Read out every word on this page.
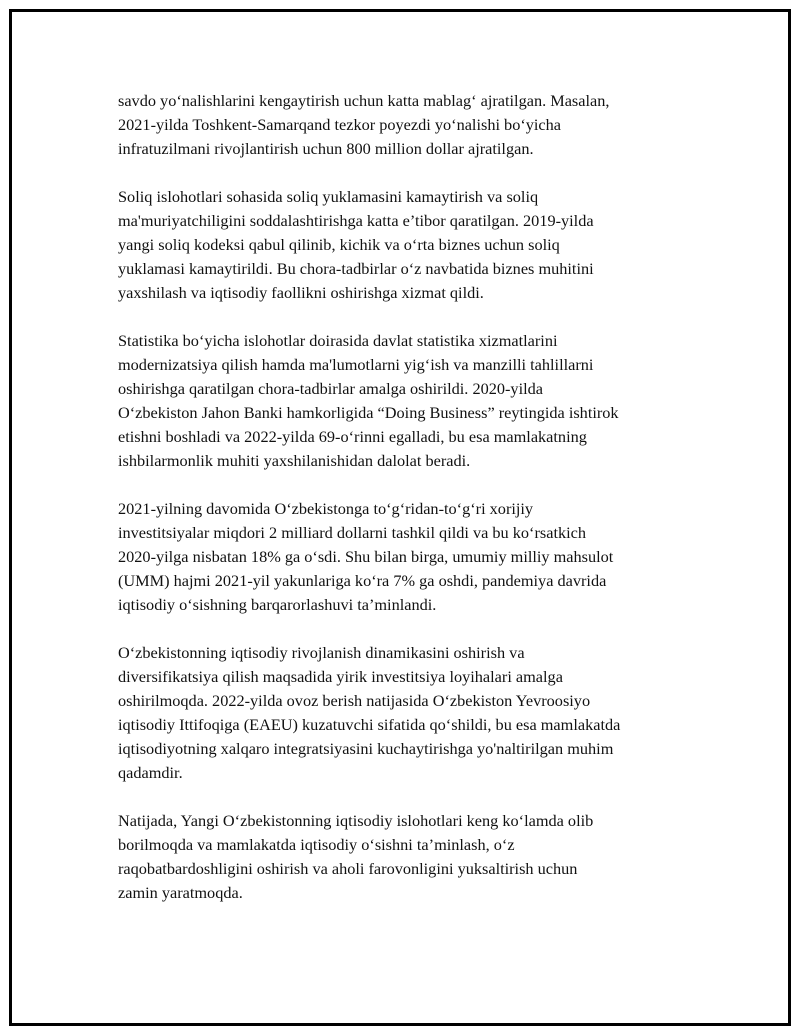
savdo yo‘nalishlarini kengaytirish uchun katta mablag‘ ajratilgan. Masalan,
2021-yilda Toshkent-Samarqand tezkor poyezdi yo‘nalishi bo‘yicha
infratuzilmani rivojlantirish uchun 800 million dollar ajratilgan.

Soliq islohotlari sohasida soliq yuklamasini kamaytirish va soliq
ma'muriyatchiligini soddalashtirishga katta e’tibor qaratilgan. 2019-yilda
yangi soliq kodeksi qabul qilinib, kichik va o‘rta biznes uchun soliq
yuklamasi kamaytirildi. Bu chora-tadbirlar o‘z navbatida biznes muhitini
yaxshilash va iqtisodiy faollikni oshirishga xizmat qildi.

Statistika bo‘yicha islohotlar doirasida davlat statistika xizmatlarini
modernizatsiya qilish hamda ma'lumotlarni yig‘ish va manzilli tahlillarni
oshirishga qaratilgan chora-tadbirlar amalga oshirildi. 2020-yilda
O‘zbekiston Jahon Banki hamkorligida “Doing Business” reytingida ishtirok
etishni boshladi va 2022-yilda 69-o‘rinni egalladi, bu esa mamlakatning
ishbilarmonlik muhiti yaxshilanishidan dalolat beradi.

2021-yilning davomida O‘zbekistonga to‘g‘ridan-to‘g‘ri xorijiy
investitsiyalar miqdori 2 milliard dollarni tashkil qildi va bu ko‘rsatkich
2020-yilga nisbatan 18% ga o‘sdi. Shu bilan birga, umumiy milliy mahsulot
(UMM) hajmi 2021-yil yakunlariga ko‘ra 7% ga oshdi, pandemiya davrida
iqtisodiy o‘sishning barqarorlashuvi ta’minlandi.

O‘zbekistonning iqtisodiy rivojlanish dinamikasini oshirish va
diversifikatsiya qilish maqsadida yirik investitsiya loyihalari amalga
oshirilmoqda. 2022-yilda ovoz berish natijasida O‘zbekiston Yevroosiyo
iqtisodiy Ittifoqiga (EAEU) kuzatuvchi sifatida qo‘shildi, bu esa mamlakatda
iqtisodiyotning xalqaro integratsiyasini kuchaytirishga yo'naltirilgan muhim
qadamdir.

Natijada, Yangi O‘zbekistonning iqtisodiy islohotlari keng ko‘lamda olib
borilmoqda va mamlakatda iqtisodiy o‘sishni ta’minlash, o‘z
raqobatbardoshligini oshirish va aholi farovonligini yuksaltirish uchun
zamin yaratmoqda.
